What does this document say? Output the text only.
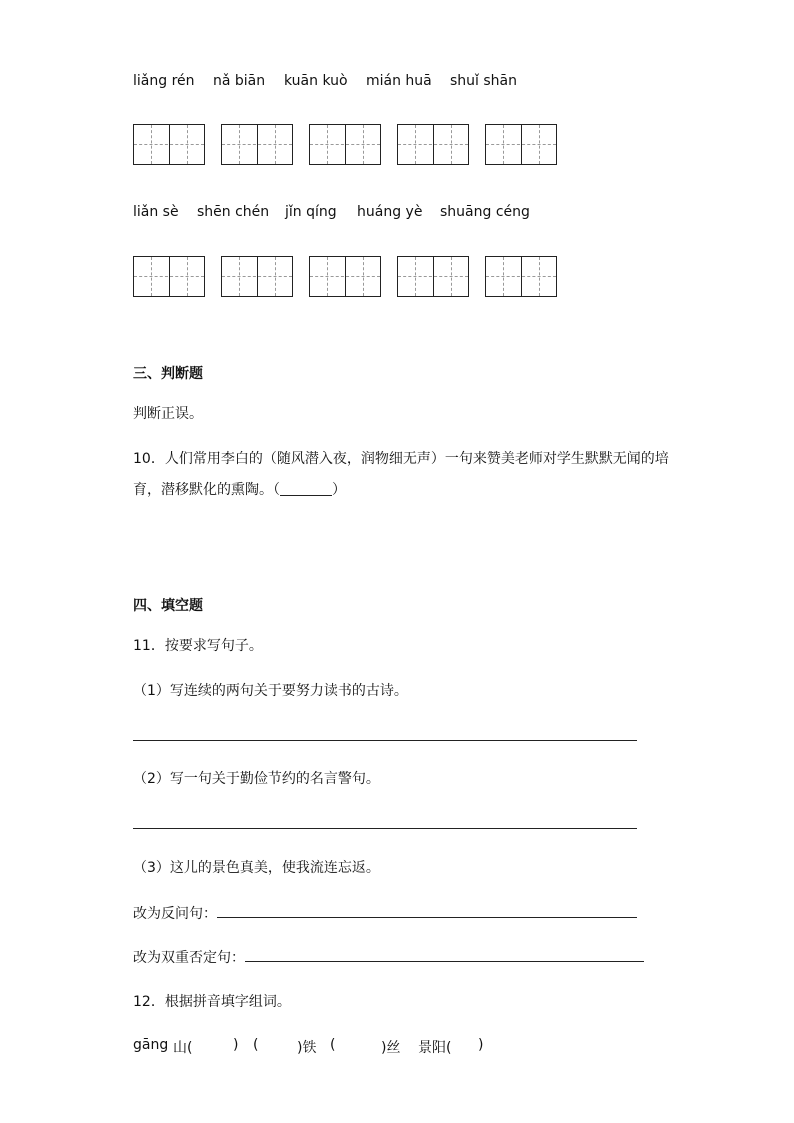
liǎng rén nǎ biān kuān kuò mián huā shuǐ shān
liǎn sè shēn chén jǐn qíng huáng yè shuāng céng
三、判断题
判断正误。
10．人们常用李白的（随风潜入夜，润物细无声）一句来赞美老师对学生默默无闻的培
育，潜移默化的熏陶。（	）
四、填空题
11．按要求写句子。
（1）写连续的两句关于要努力读书的古诗。
（2）写一句关于勤俭节约的名言警句。
（3）这儿的景色真美，使我流连忘返。
改为反问句：
改为双重否定句：
12．根据拼音填字组词。
gāng 山(	) (	)铁 (	)丝 景阳( )
